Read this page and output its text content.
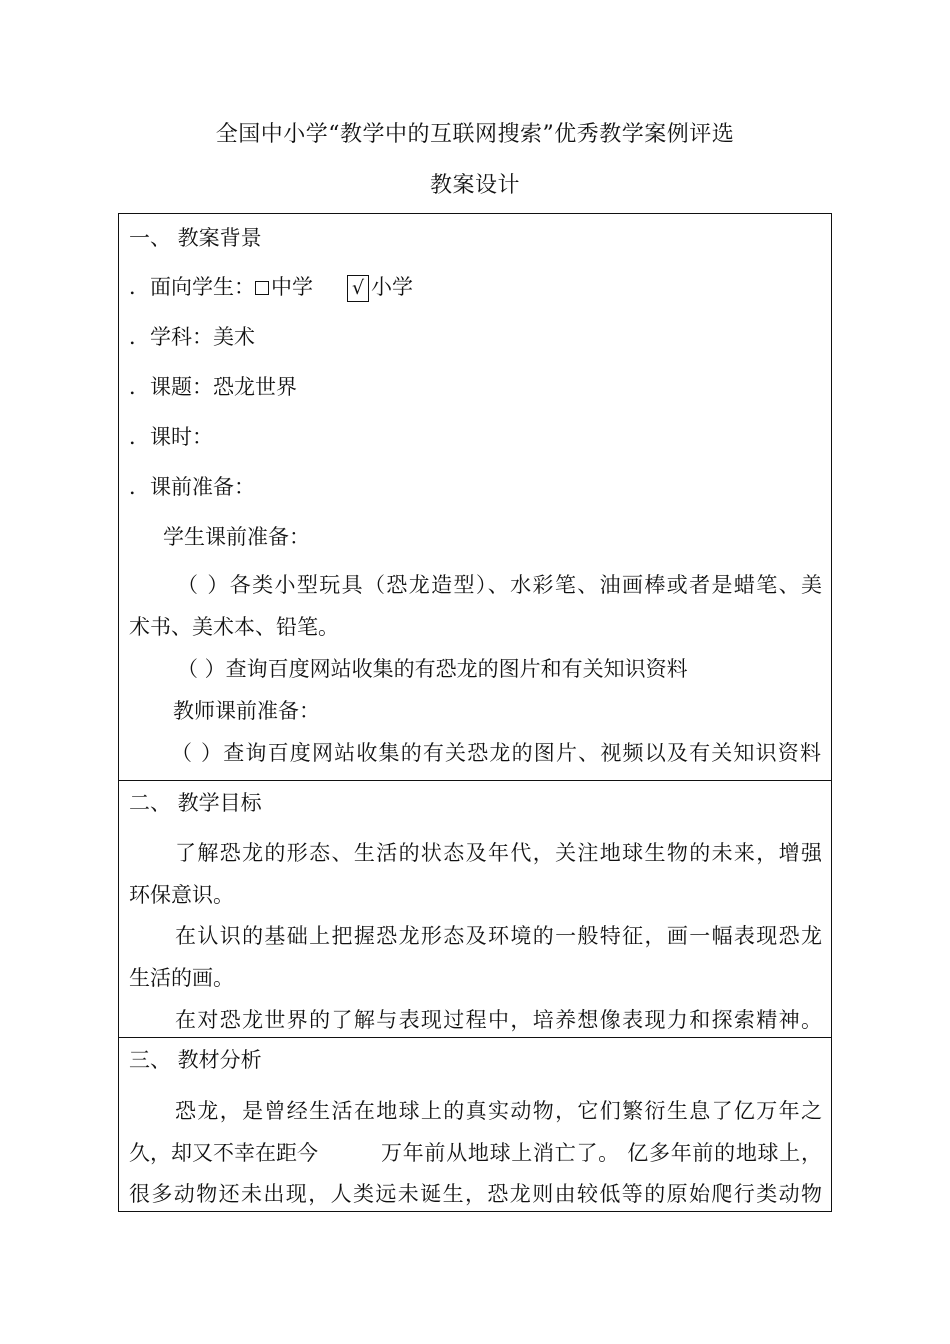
全国中小学“教学中的互联网搜索”优秀教学案例评选
教案设计
一、 教案背景
．面向学生： 中学 √ 小学
．学科：美术
．课题：恐龙世界
．课时：
．课前准备：
学生课前准备：
（ ）各类小型玩具（恐龙造型）、水彩笔、油画棒或者是蜡笔、美
术书、美术本、铅笔。
（ ）查询百度网站收集的有恐龙的图片和有关知识资料
教师课前准备：
（ ）查询百度网站收集的有关恐龙的图片、视频以及有关知识资料
二、 教学目标
了解恐龙的形态、生活的状态及年代，关注地球生物的未来，增强
环保意识。
在认识的基础上把握恐龙形态及环境的一般特征，画一幅表现恐龙
生活的画。
在对恐龙世界的了解与表现过程中，培养想像表现力和探索精神。
三、 教材分析
恐龙，是曾经生活在地球上的真实动物，它们繁衍生息了亿万年之
久，却又不幸在距今	万年前从地球上消亡了。 亿多年前的地球上，
很多动物还未出现，人类远未诞生，恐龙则由较低等的原始爬行类动物
